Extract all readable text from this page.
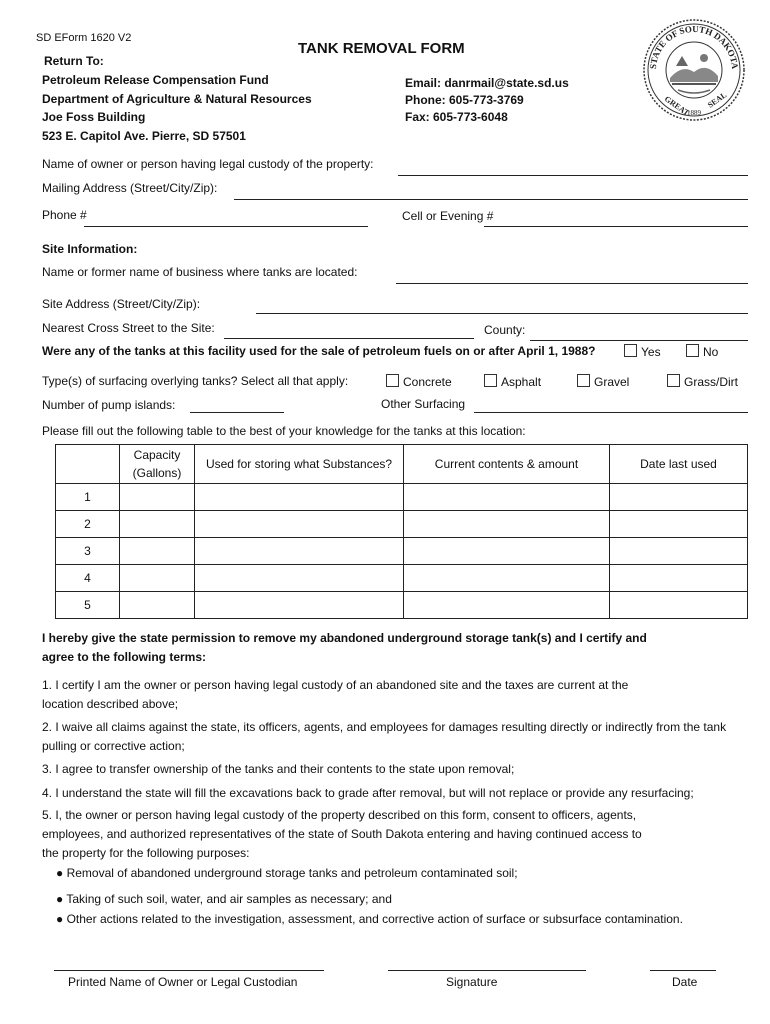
SD EForm 1620 V2
TANK REMOVAL FORM
Return To:
Petroleum Release Compensation Fund
Department of Agriculture & Natural Resources
Joe Foss Building
523 E. Capitol Ave. Pierre, SD 57501
Email: danrmail@state.sd.us
Phone: 605-773-3769
Fax: 605-773-6048
STATE OF SOUTH DAKOTA
GREAT SEAL
1889
Name of owner or person having legal custody of the property:
Mailing Address (Street/City/Zip):
Phone #	Cell or Evening #
Site Information:
Name or former name of business where tanks are located:
Site Address (Street/City/Zip):
Nearest Cross Street to the Site:	County:
Were any of the tanks at this facility used for the sale of petroleum fuels on or after April 1, 1988?	Yes	No
Type(s) of surfacing overlying tanks? Select all that apply:	Concrete	Asphalt	Gravel	Grass/Dirt
Number of pump islands:	Other Surfacing
Please fill out the following table to the best of your knowledge for the tanks at this location:
	Capacity (Gallons)	Used for storing what Substances?	Current contents & amount	Date last used
1				
2				
3				
4				
5				
I hereby give the state permission to remove my abandoned underground storage tank(s) and I certify and agree to the following terms:
1. I certify I am the owner or person having legal custody of an abandoned site and the taxes are current at the location described above;
2. I waive all claims against the state, its officers, agents, and employees for damages resulting directly or indirectly from the tank pulling or corrective action;
3. I agree to transfer ownership of the tanks and their contents to the state upon removal;
4. I understand the state will fill the excavations back to grade after removal, but will not replace or provide any resurfacing;
5. I, the owner or person having legal custody of the property described on this form, consent to officers, agents, employees, and authorized representatives of the state of South Dakota entering and having continued access to the property for the following purposes:
● Removal of abandoned underground storage tanks and petroleum contaminated soil;
● Taking of such soil, water, and air samples as necessary; and
● Other actions related to the investigation, assessment, and corrective action of surface or subsurface contamination.
Printed Name of Owner or Legal Custodian	Signature	Date
